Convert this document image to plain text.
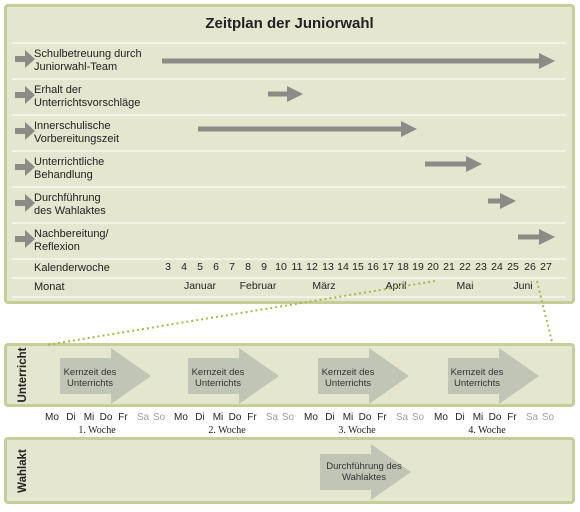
Zeitplan der Juniorwahl
Schulbetreuung durch
Juniorwahl-Team
Erhalt der
Unterrichtsvorschläge
Innerschulische
Vorbereitungszeit
Unterrichtliche
Behandlung
Durchführung
des Wahlaktes
Nachbereitung/
Reflexion
Kalenderwoche
Monat
3 4 5 6 7 8 9 10 11 12 13 14 15 16 17 18 19 20 21 22 23 24 25 26 27
Januar	Februar	März	April	Mai	Juni
Unterricht
Wahlakt
Kernzeit des
Unterrichts
Kernzeit des
Unterrichts
Kernzeit des
Unterrichts
Kernzeit des
Unterrichts
Durchführung des
Wahlaktes
Mo Di Mi Do Fr Sa So Mo Di Mi Do Fr Sa So Mo Di Mi Do Fr Sa So Mo Di Mi Do Fr Sa So
1. Woche	2. Woche	3. Woche	4. Woche
